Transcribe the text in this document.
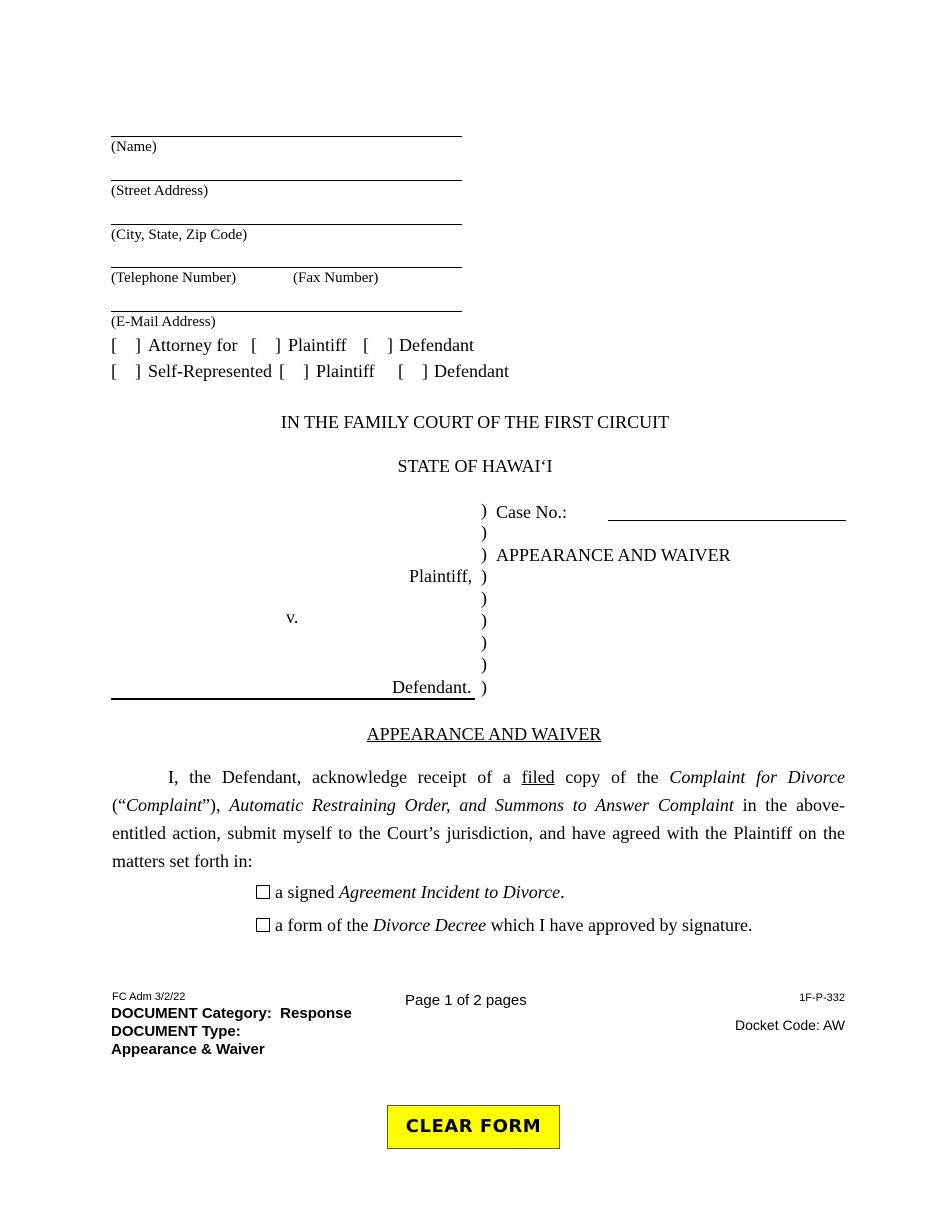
(Name)
(Street Address)
(City, State, Zip Code)
(Telephone Number)	(Fax Number)
(E-Mail Address)
[    ] Attorney for [    ] Plaintiff [    ] Defendant
[    ] Self-Represented [    ] Plaintiff [    ] Defendant
IN THE FAMILY COURT OF THE FIRST CIRCUIT
STATE OF HAWAI‘I
)
)
)
)
)
)
)
)
)
Case No.:
APPEARANCE AND WAIVER
Plaintiff,
v.
Defendant.
APPEARANCE AND WAIVER
I, the Defendant, acknowledge receipt of a filed copy of the Complaint for Divorce (“Complaint”), Automatic Restraining Order, and Summons to Answer Complaint in the above-entitled action, submit myself to the Court’s jurisdiction, and have agreed with the Plaintiff on the matters set forth in:
a signed Agreement Incident to Divorce.
a form of the Divorce Decree which I have approved by signature.
FC Adm 3/2/22
DOCUMENT Category:  Response
DOCUMENT Type:
Appearance & Waiver
Page 1 of 2 pages	1F-P-332
Docket Code: AW
CLEAR FORM
